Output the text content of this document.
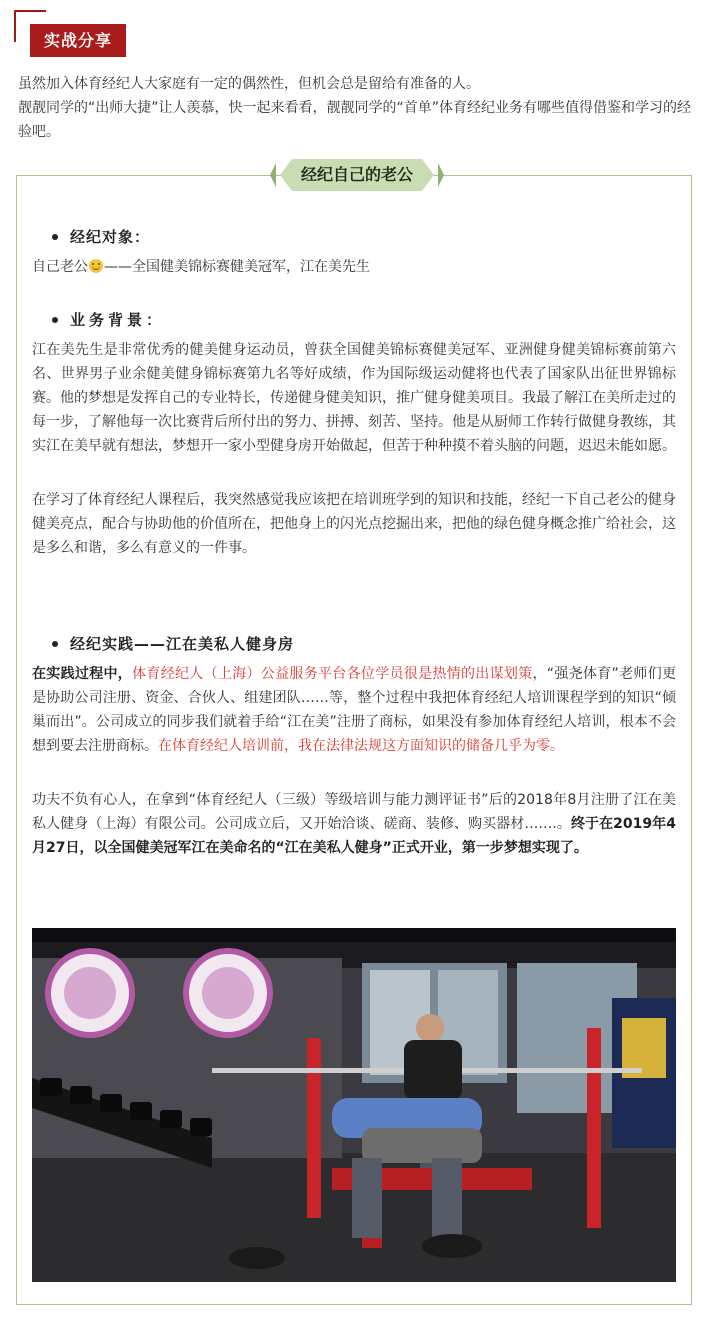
实战分享
虽然加入体育经纪人大家庭有一定的偶然性，但机会总是留给有准备的人。
靓靓同学的“出师大捷”让人羡慕，快一起来看看，靓靓同学的“首单”体育经纪业务有哪些值得借鉴和学习的经验吧。
经纪自己的老公
经纪对象：
自己老公 ——全国健美锦标赛健美冠军，江在美先生
业务背景：
江在美先生是非常优秀的健美健身运动员，曾获全国健美锦标赛健美冠军、亚洲健身健美锦标赛前第六名、世界男子业余健美健身锦标赛第九名等好成绩，作为国际级运动健将也代表了国家队出征世界锦标赛。他的梦想是发挥自己的专业特长，传递健身健美知识，推广健身健美项目。我最了解江在美所走过的每一步，了解他每一次比赛背后所付出的努力、拼搏、刻苦、坚持。他是从厨师工作转行做健身教练，其实江在美早就有想法，梦想开一家小型健身房开始做起，但苦于种种摸不着头脑的问题，迟迟未能如愿。
在学习了体育经纪人课程后，我突然感觉我应该把在培训班学到的知识和技能，经纪一下自己老公的健身健美亮点，配合与协助他的价值所在，把他身上的闪光点挖掘出来，把他的绿色健身概念推广给社会，这是多么和谐，多么有意义的一件事。
经纪实践——江在美私人健身房
在实践过程中，体育经纪人（上海）公益服务平台各位学员很是热情的出谋划策，“强尧体育”老师们更是协助公司注册、资金、合伙人、组建团队……等，整个过程中我把体育经纪人培训课程学到的知识“倾巢而出”。公司成立的同步我们就着手给“江在美”注册了商标，如果没有参加体育经纪人培训，根本不会想到要去注册商标。在体育经纪人培训前，我在法律法规这方面知识的储备几乎为零。
功夫不负有心人，在拿到“体育经纪人（三级）等级培训与能力测评证书”后的2018年8月注册了江在美私人健身（上海）有限公司。公司成立后，又开始洽谈、磋商、装修、购买器材…….。终于在2019年4月27日，以全国健美冠军江在美命名的“江在美私人健身”正式开业，第一步梦想实现了。
